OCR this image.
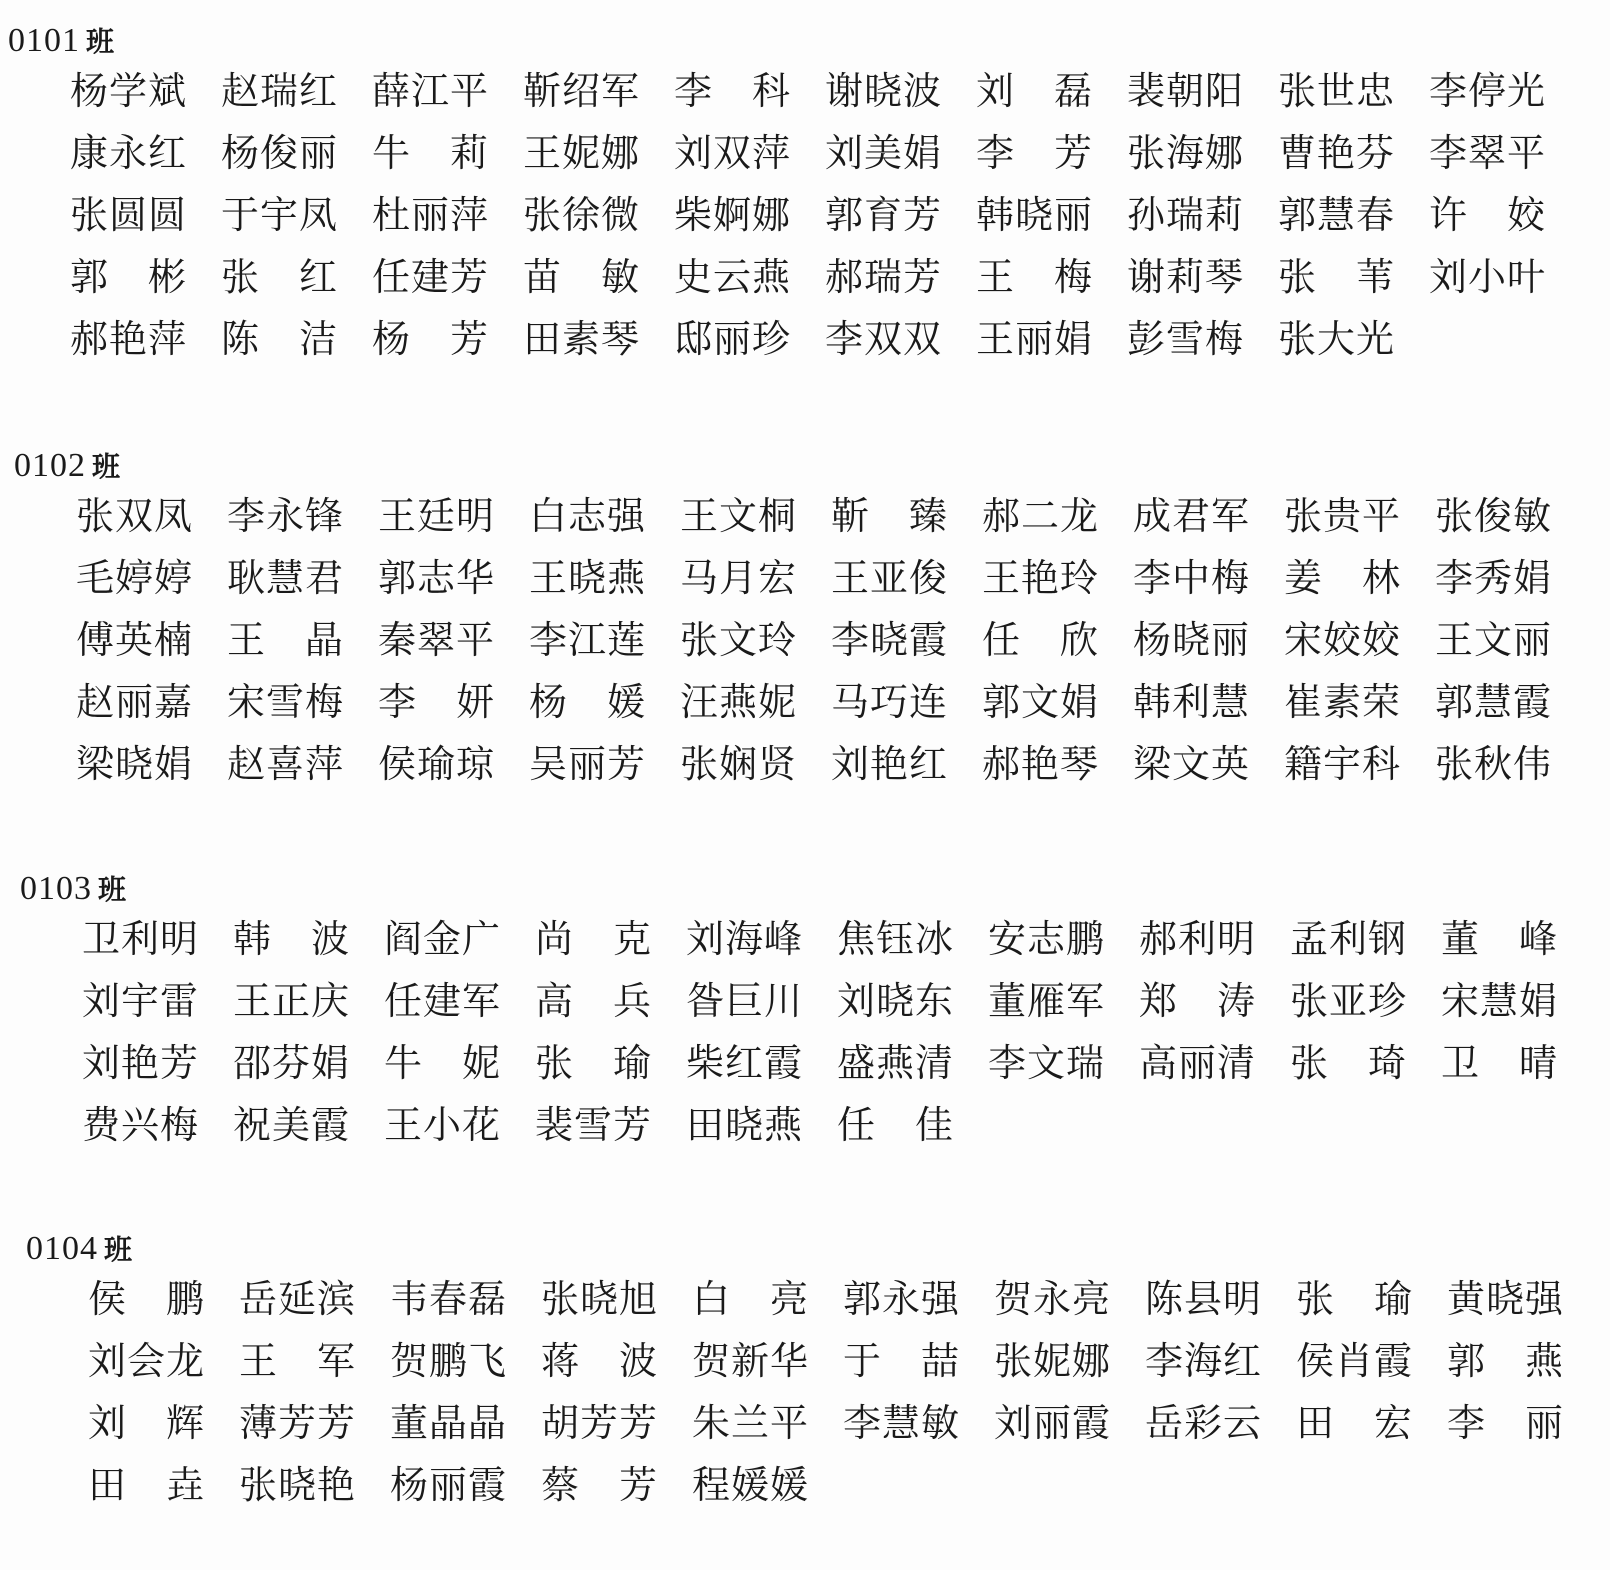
0101 班
杨学斌 赵瑞红 薛江平 靳绍军 李　科 谢晓波 刘　磊 裴朝阳 张世忠 李停光
康永红 杨俊丽 牛　莉 王妮娜 刘双萍 刘美娟 李　芳 张海娜 曹艳芬 李翠平
张圆圆 于宇凤 杜丽萍 张徐微 柴婀娜 郭育芳 韩晓丽 孙瑞莉 郭慧春 许　姣
郭　彬 张　红 任建芳 苗　敏 史云燕 郝瑞芳 王　梅 谢莉琴 张　苇 刘小叶
郝艳萍 陈　洁 杨　芳 田素琴 邸丽珍 李双双 王丽娟 彭雪梅 张大光
0102 班
张双凤 李永锋 王廷明 白志强 王文桐 靳　臻 郝二龙 成君军 张贵平 张俊敏
毛婷婷 耿慧君 郭志华 王晓燕 马月宏 王亚俊 王艳玲 李中梅 姜　林 李秀娟
傅英楠 王　晶 秦翠平 李江莲 张文玲 李晓霞 任　欣 杨晓丽 宋姣姣 王文丽
赵丽嘉 宋雪梅 李　妍 杨　媛 汪燕妮 马巧连 郭文娟 韩利慧 崔素荣 郭慧霞
梁晓娟 赵喜萍 侯瑜琼 吴丽芳 张娴贤 刘艳红 郝艳琴 梁文英 籍宇科 张秋伟
0103 班
卫利明 韩　波 阎金广 尚　克 刘海峰 焦钰冰 安志鹏 郝利明 孟利钢 董　峰
刘宇雷 王正庆 任建军 高　兵 昝巨川 刘晓东 董雁军 郑　涛 张亚珍 宋慧娟
刘艳芳 邵芬娟 牛　妮 张　瑜 柴红霞 盛燕清 李文瑞 高丽清 张　琦 卫　晴
费兴梅 祝美霞 王小花 裴雪芳 田晓燕 任　佳
0104 班
侯　鹏 岳延滨 韦春磊 张晓旭 白　亮 郭永强 贺永亮 陈县明 张　瑜 黄晓强
刘会龙 王　军 贺鹏飞 蒋　波 贺新华 于　喆 张妮娜 李海红 侯肖霞 郭　燕
刘　辉 薄芳芳 董晶晶 胡芳芳 朱兰平 李慧敏 刘丽霞 岳彩云 田　宏 李　丽
田　垚 张晓艳 杨丽霞 蔡　芳 程媛媛
